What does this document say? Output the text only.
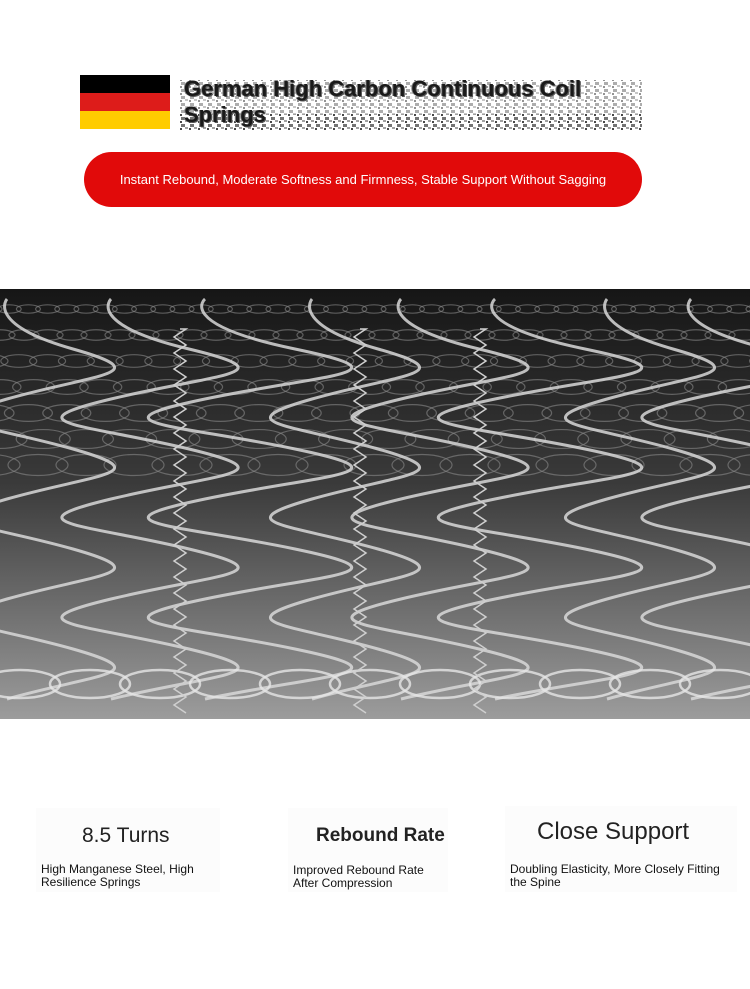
German High Carbon Continuous Coil Springs
Instant Rebound, Moderate Softness and Firmness, Stable Support Without Sagging
8.5 Turns
High Manganese Steel, High Resilience Springs
Rebound Rate
Improved Rebound Rate After Compression
Close Support
Doubling Elasticity, More Closely Fitting the Spine
